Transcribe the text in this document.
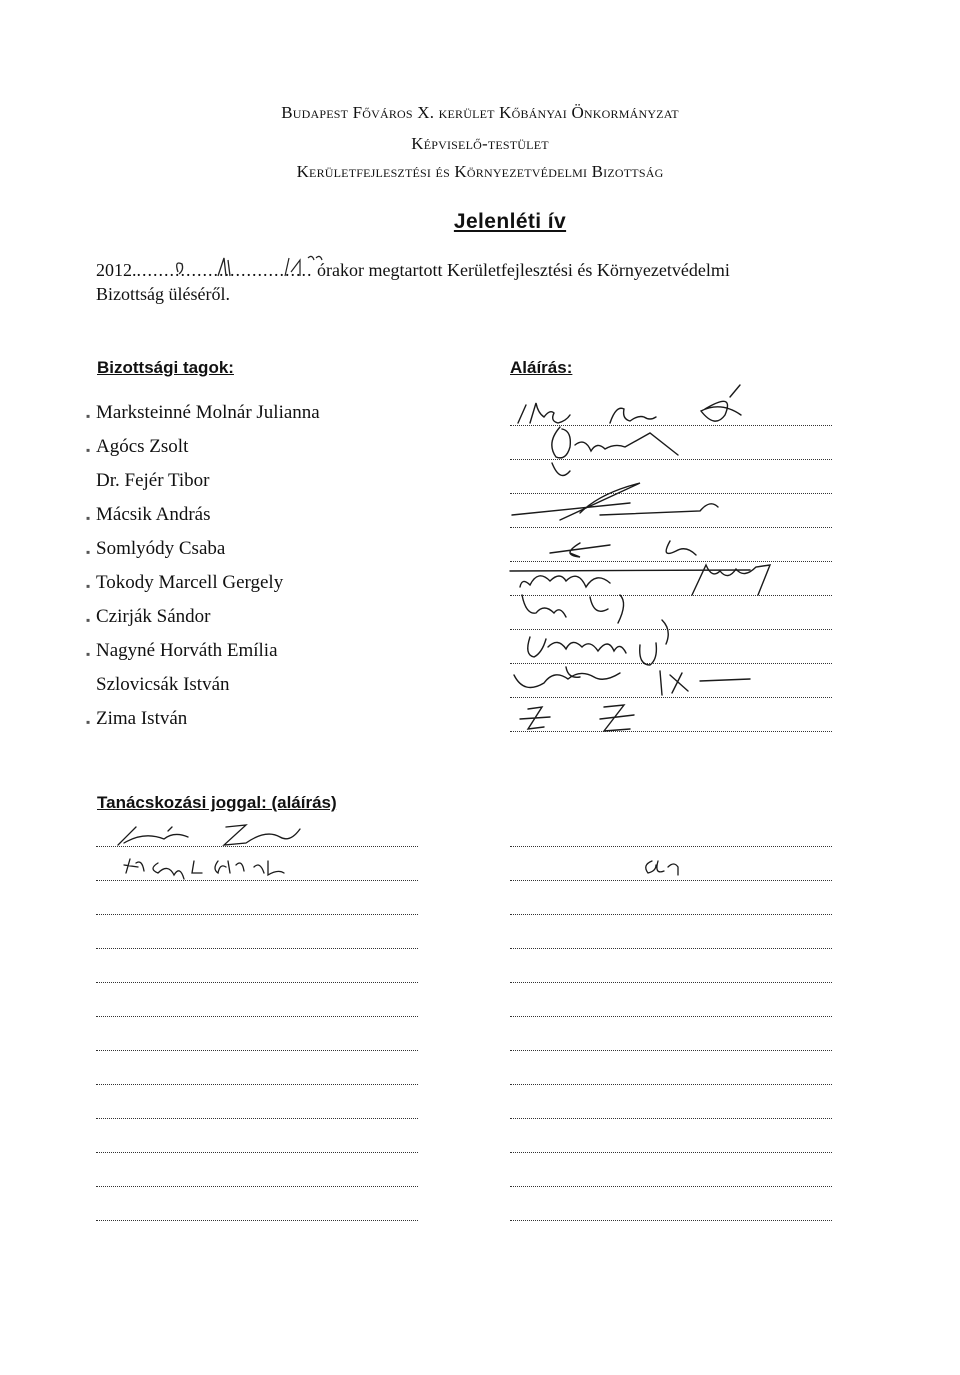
Budapest Főváros X. kerület Kőbányai Önkormányzat
Képviselő-testület
Kerületfejlesztési és Környezetvédelmi Bizottság
Jelenléti ív
2012................................. órakor megtartott Kerületfejlesztési és Környezetvédelmi
Bizottság üléséről.
Bizottsági tagok:	Aláírás:
▪ Marksteinné Molnár Julianna
▪ Agócs Zsolt
Dr. Fejér Tibor
▪ Mácsik András
▪ Somlyódy Csaba
▪ Tokody Marcell Gergely
▪ Czirják Sándor
▪ Nagyné Horváth Emília
Szlovicsák István
▪ Zima István
Tanácskozási joggal: (aláírás)
